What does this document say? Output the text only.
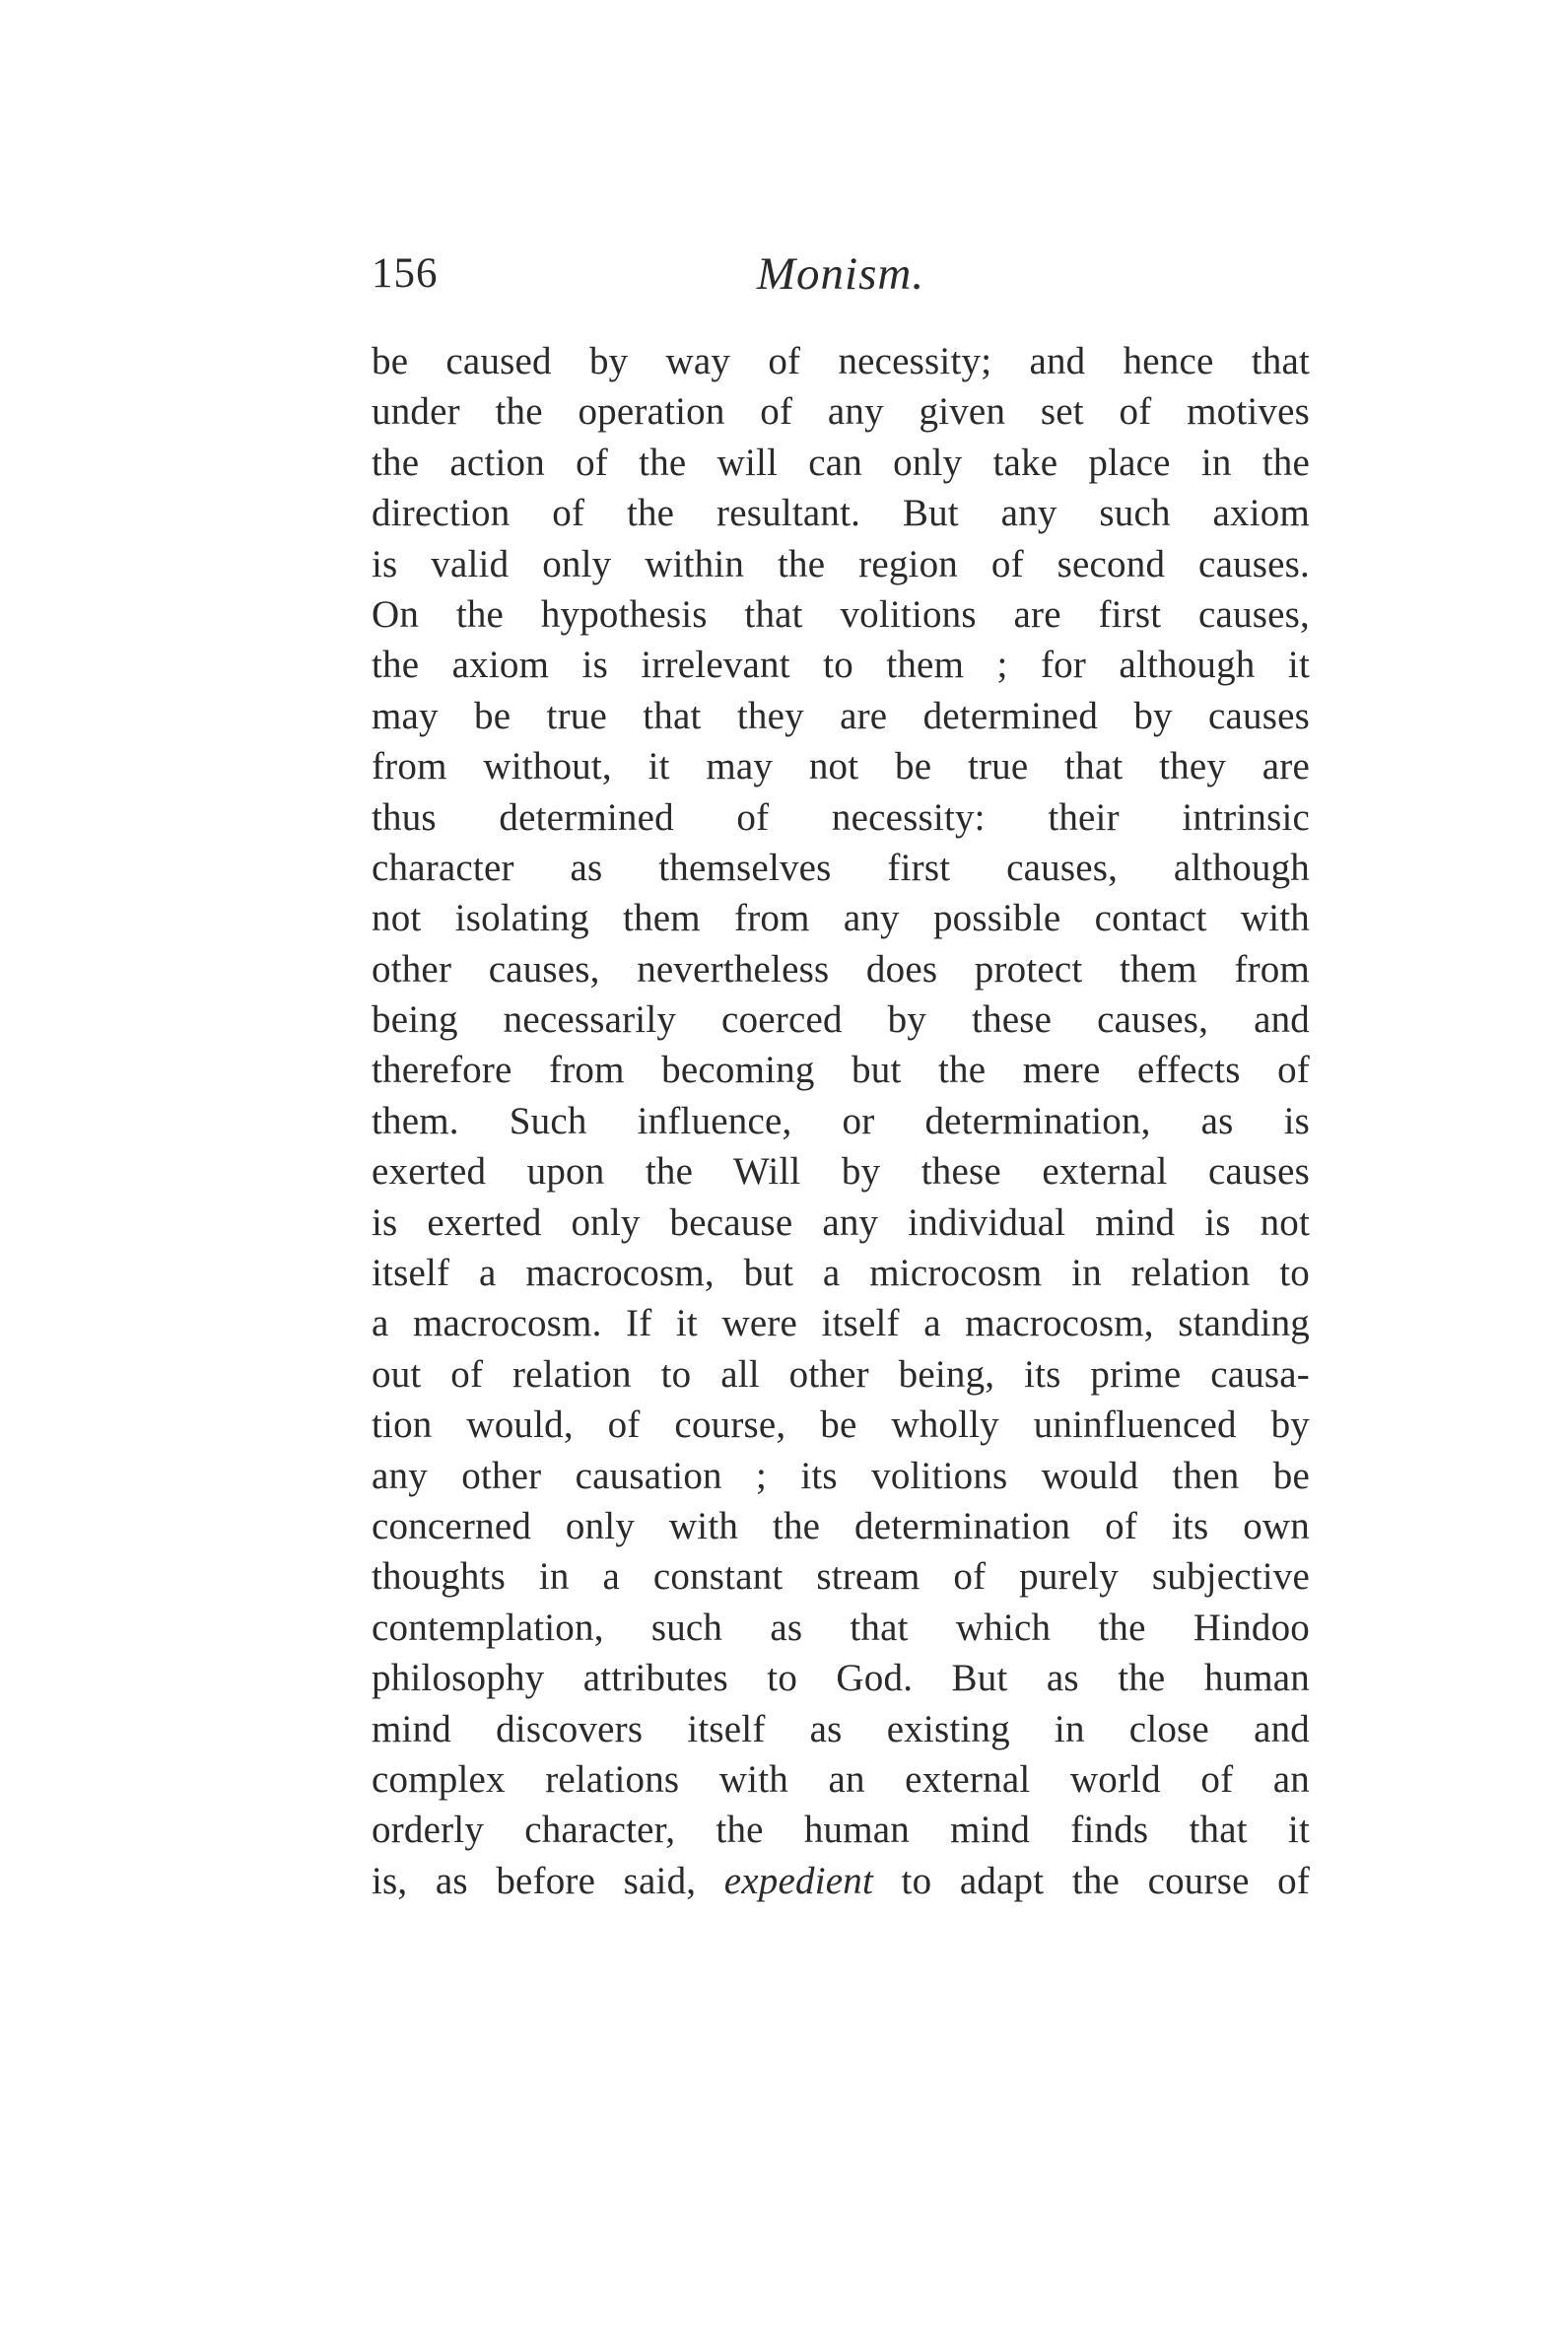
156	Monism.
be caused by way of necessity; and hence that
under the operation of any given set of motives
the action of the will can only take place in the
direction of the resultant. But any such axiom
is valid only within the region of second causes.
On the hypothesis that volitions are first causes,
the axiom is irrelevant to them ; for although it
may be true that they are determined by causes
from without, it may not be true that they are
thus determined of necessity: their intrinsic
character as themselves first causes, although
not isolating them from any possible contact with
other causes, nevertheless does protect them from
being necessarily coerced by these causes, and
therefore from becoming but the mere effects of
them. Such influence, or determination, as is
exerted upon the Will by these external causes
is exerted only because any individual mind is not
itself a macrocosm, but a microcosm in relation to
a macrocosm. If it were itself a macrocosm, standing
out of relation to all other being, its prime causa-
tion would, of course, be wholly uninfluenced by
any other causation ; its volitions would then be
concerned only with the determination of its own
thoughts in a constant stream of purely subjective
contemplation, such as that which the Hindoo
philosophy attributes to God. But as the human
mind discovers itself as existing in close and
complex relations with an external world of an
orderly character, the human mind finds that it
is, as before said, expedient to adapt the course of
